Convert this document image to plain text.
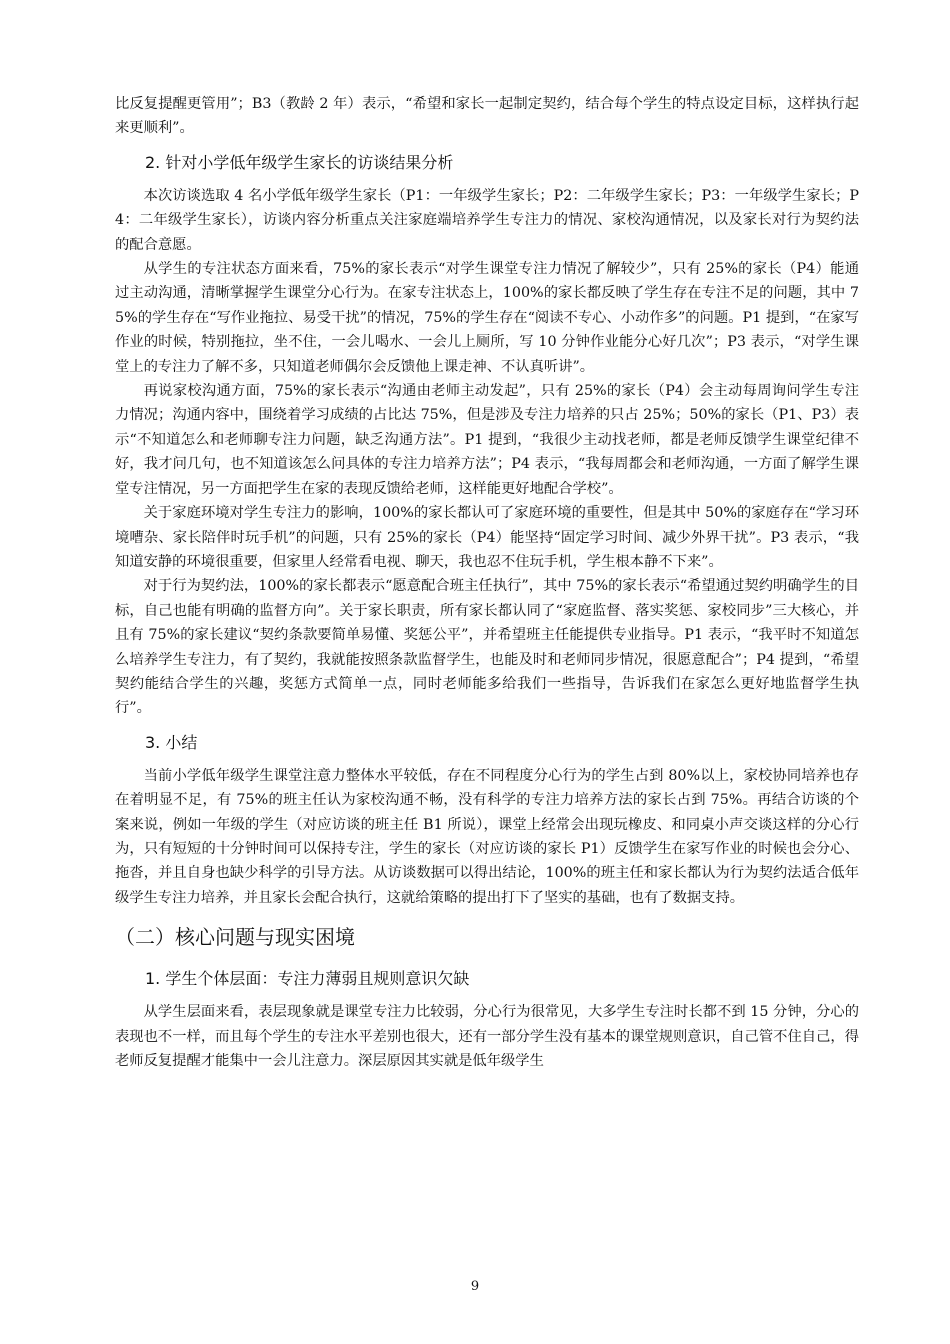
比反复提醒更管用”；B3（教龄 2 年）表示，“希望和家长一起制定契约，结合每个学生的特点设定目标，这样执行起来更顺利”。

2. 针对小学低年级学生家长的访谈结果分析

本次访谈选取 4 名小学低年级学生家长（P1：一年级学生家长；P2：二年级学生家长；P3：一年级学生家长；P4：二年级学生家长），访谈内容分析重点关注家庭端培养学生专注力的情况、家校沟通情况，以及家长对行为契约法的配合意愿。

从学生的专注状态方面来看，75%的家长表示“对学生课堂专注力情况了解较少”，只有 25%的家长（P4）能通过主动沟通，清晰掌握学生课堂分心行为。在家专注状态上，100%的家长都反映了学生存在专注不足的问题，其中 75%的学生存在“写作业拖拉、易受干扰”的情况，75%的学生存在“阅读不专心、小动作多”的问题。P1 提到，“在家写作业的时候，特别拖拉，坐不住，一会儿喝水、一会儿上厕所，写 10 分钟作业能分心好几次”；P3 表示，“对学生课堂上的专注力了解不多，只知道老师偶尔会反馈他上课走神、不认真听讲”。

再说家校沟通方面，75%的家长表示“沟通由老师主动发起”，只有 25%的家长（P4）会主动每周询问学生专注力情况；沟通内容中，围绕着学习成绩的占比达 75%，但是涉及专注力培养的只占 25%；50%的家长（P1、P3）表示“不知道怎么和老师聊专注力问题，缺乏沟通方法”。P1 提到，“我很少主动找老师，都是老师反馈学生课堂纪律不好，我才问几句，也不知道该怎么问具体的专注力培养方法”；P4 表示，“我每周都会和老师沟通，一方面了解学生课堂专注情况，另一方面把学生在家的表现反馈给老师，这样能更好地配合学校”。

关于家庭环境对学生专注力的影响，100%的家长都认可了家庭环境的重要性，但是其中 50%的家庭存在“学习环境嘈杂、家长陪伴时玩手机”的问题，只有 25%的家长（P4）能坚持“固定学习时间、减少外界干扰”。P3 表示，“我知道安静的环境很重要，但家里人经常看电视、聊天，我也忍不住玩手机，学生根本静不下来”。

对于行为契约法，100%的家长都表示“愿意配合班主任执行”，其中 75%的家长表示“希望通过契约明确学生的目标，自己也能有明确的监督方向”。关于家长职责，所有家长都认同了“家庭监督、落实奖惩、家校同步”三大核心，并且有 75%的家长建议“契约条款要简单易懂、奖惩公平”，并希望班主任能提供专业指导。P1 表示，“我平时不知道怎么培养学生专注力，有了契约，我就能按照条款监督学生，也能及时和老师同步情况，很愿意配合”；P4 提到，“希望契约能结合学生的兴趣，奖惩方式简单一点，同时老师能多给我们一些指导，告诉我们在家怎么更好地监督学生执行”。

3. 小结

当前小学低年级学生课堂注意力整体水平较低，存在不同程度分心行为的学生占到 80%以上，家校协同培养也存在着明显不足，有 75%的班主任认为家校沟通不畅，没有科学的专注力培养方法的家长占到 75%。再结合访谈的个案来说，例如一年级的学生（对应访谈的班主任 B1 所说），课堂上经常会出现玩橡皮、和同桌小声交谈这样的分心行为，只有短短的十分钟时间可以保持专注，学生的家长（对应访谈的家长 P1）反馈学生在家写作业的时候也会分心、拖沓，并且自身也缺少科学的引导方法。从访谈数据可以得出结论，100%的班主任和家长都认为行为契约法适合低年级学生专注力培养，并且家长会配合执行，这就给策略的提出打下了坚实的基础，也有了数据支持。

（二）核心问题与现实困境
1. 学生个体层面：专注力薄弱且规则意识欠缺

从学生层面来看，表层现象就是课堂专注力比较弱，分心行为很常见，大多学生专注时长都不到 15 分钟，分心的表现也不一样，而且每个学生的专注水平差别也很大，还有一部分学生没有基本的课堂规则意识，自己管不住自己，得老师反复提醒才能集中一会儿注意力。深层原因其实就是低年级学生

9
